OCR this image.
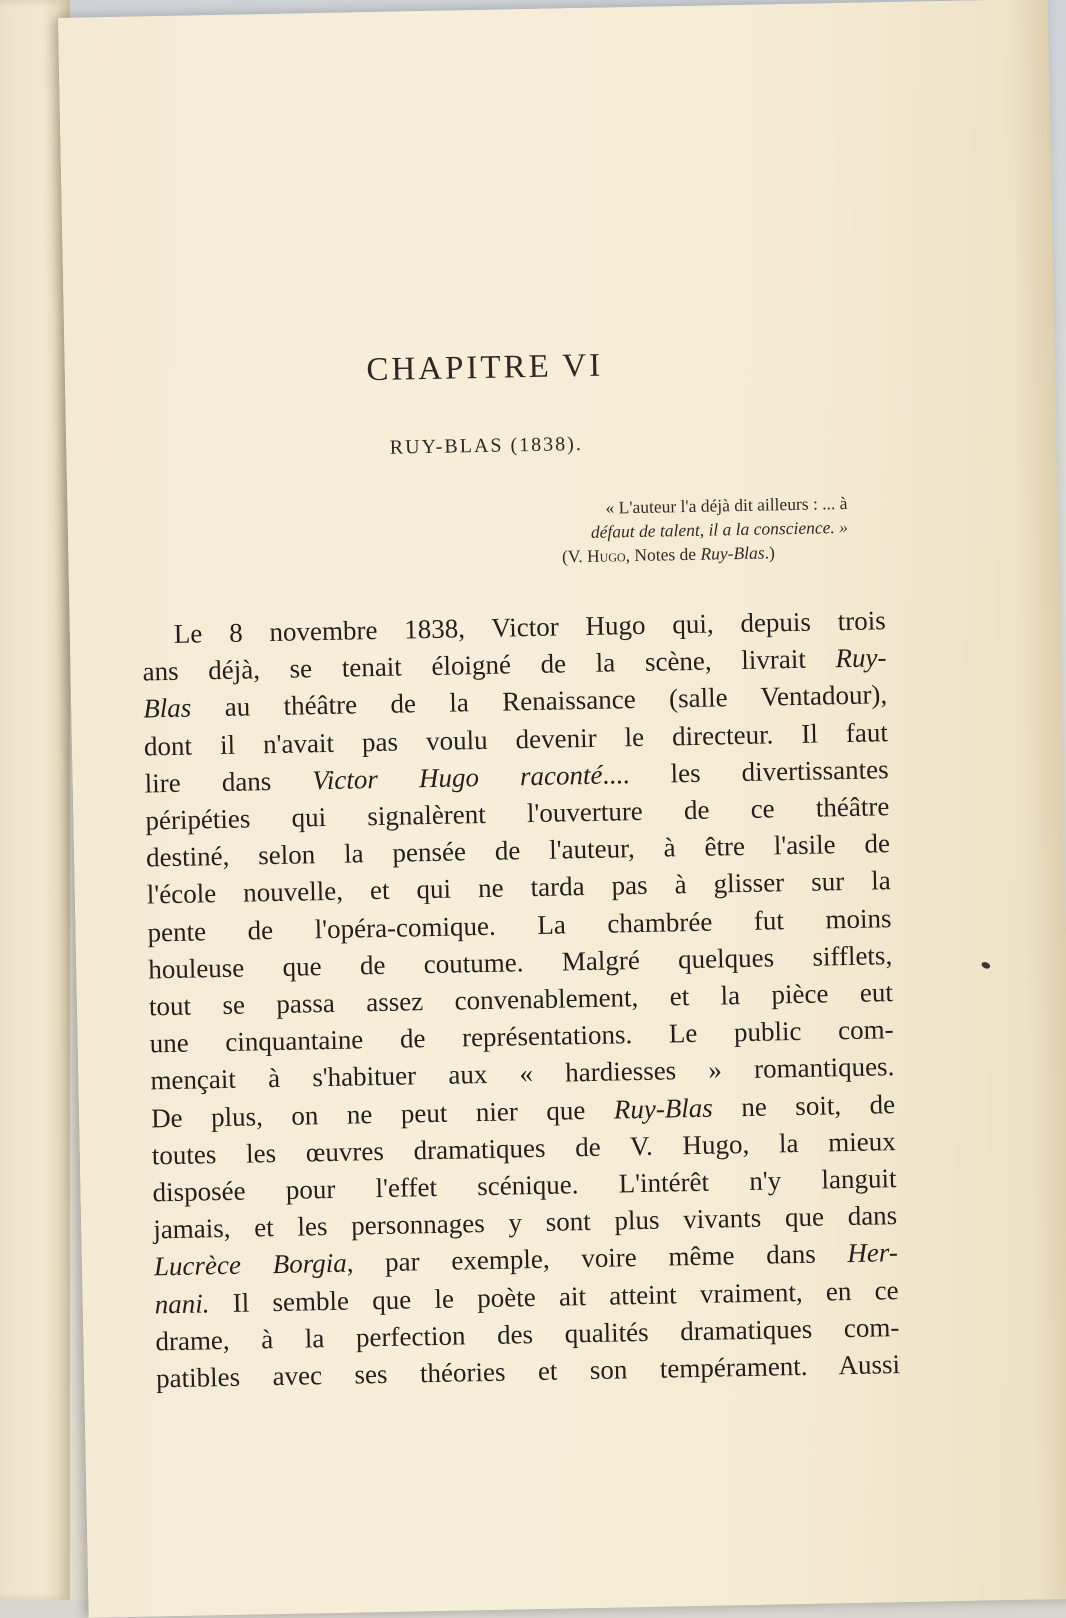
CHAPITRE VI
RUY-BLAS (1838).
« L'auteur l'a déjà dit ailleurs : ... à
défaut de talent, il a la conscience. »
(V. Hugo, Notes de Ruy-Blas.)
Le 8 novembre 1838, Victor Hugo qui, depuis trois
ans déjà, se tenait éloigné de la scène, livrait Ruy-
Blas au théâtre de la Renaissance (salle Ventadour),
dont il n'avait pas voulu devenir le directeur. Il faut
lire dans Victor Hugo raconté.... les divertissantes
péripéties qui signalèrent l'ouverture de ce théâtre
destiné, selon la pensée de l'auteur, à être l'asile de
l'école nouvelle, et qui ne tarda pas à glisser sur la
pente de l'opéra-comique. La chambrée fut moins
houleuse que de coutume. Malgré quelques sifflets,
tout se passa assez convenablement, et la pièce eut
une cinquantaine de représentations. Le public com-
mençait à s'habituer aux « hardiesses » romantiques.
De plus, on ne peut nier que Ruy-Blas ne soit, de
toutes les œuvres dramatiques de V. Hugo, la mieux
disposée pour l'effet scénique. L'intérêt n'y languit
jamais, et les personnages y sont plus vivants que dans
Lucrèce Borgia, par exemple, voire même dans Her-
nani. Il semble que le poète ait atteint vraiment, en ce
drame, à la perfection des qualités dramatiques com-
patibles avec ses théories et son tempérament. Aussi
